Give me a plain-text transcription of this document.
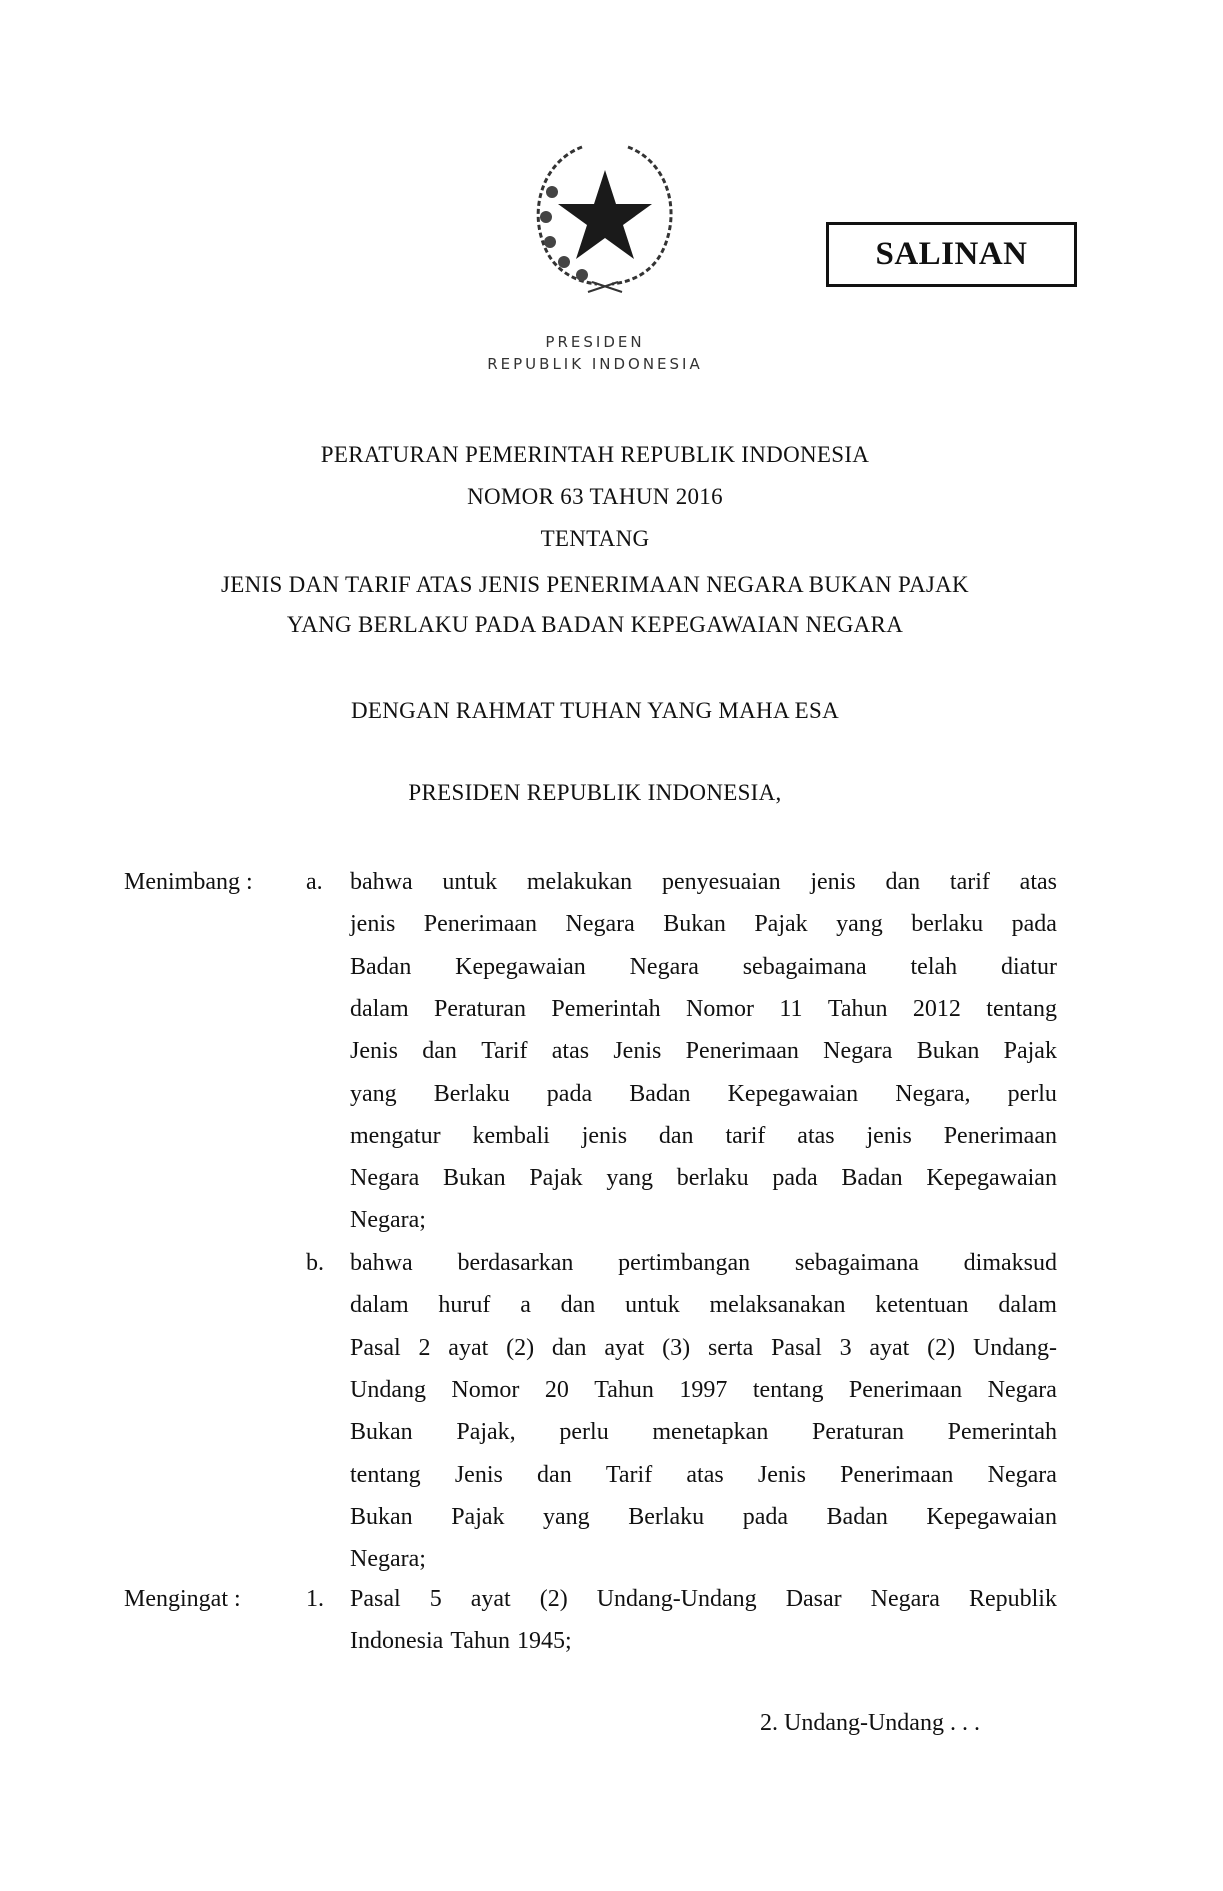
SALINAN
PRESIDEN
REPUBLIK INDONESIA
PERATURAN PEMERINTAH REPUBLIK INDONESIA
NOMOR 63 TAHUN 2016
TENTANG
JENIS DAN TARIF ATAS JENIS PENERIMAAN NEGARA BUKAN PAJAK
YANG BERLAKU PADA BADAN KEPEGAWAIAN NEGARA
DENGAN RAHMAT TUHAN YANG MAHA ESA
PRESIDEN REPUBLIK INDONESIA,
Menimbang : a. bahwa untuk melakukan penyesuaian jenis dan tarif atas
jenis Penerimaan Negara Bukan Pajak yang berlaku pada
Badan Kepegawaian Negara sebagaimana telah diatur
dalam Peraturan Pemerintah Nomor 11 Tahun 2012 tentang
Jenis dan Tarif atas Jenis Penerimaan Negara Bukan Pajak
yang Berlaku pada Badan Kepegawaian Negara, perlu
mengatur kembali jenis dan tarif atas jenis Penerimaan
Negara Bukan Pajak yang berlaku pada Badan Kepegawaian
Negara;
b. bahwa berdasarkan pertimbangan sebagaimana dimaksud
dalam huruf a dan untuk melaksanakan ketentuan dalam
Pasal 2 ayat (2) dan ayat (3) serta Pasal 3 ayat (2) Undang-
Undang Nomor 20 Tahun 1997 tentang Penerimaan Negara
Bukan Pajak, perlu menetapkan Peraturan Pemerintah
tentang Jenis dan Tarif atas Jenis Penerimaan Negara
Bukan Pajak yang Berlaku pada Badan Kepegawaian
Negara;
Mengingat :	1. Pasal 5 ayat (2) Undang-Undang Dasar Negara Republik
Indonesia Tahun 1945;
2. Undang-Undang . . .
